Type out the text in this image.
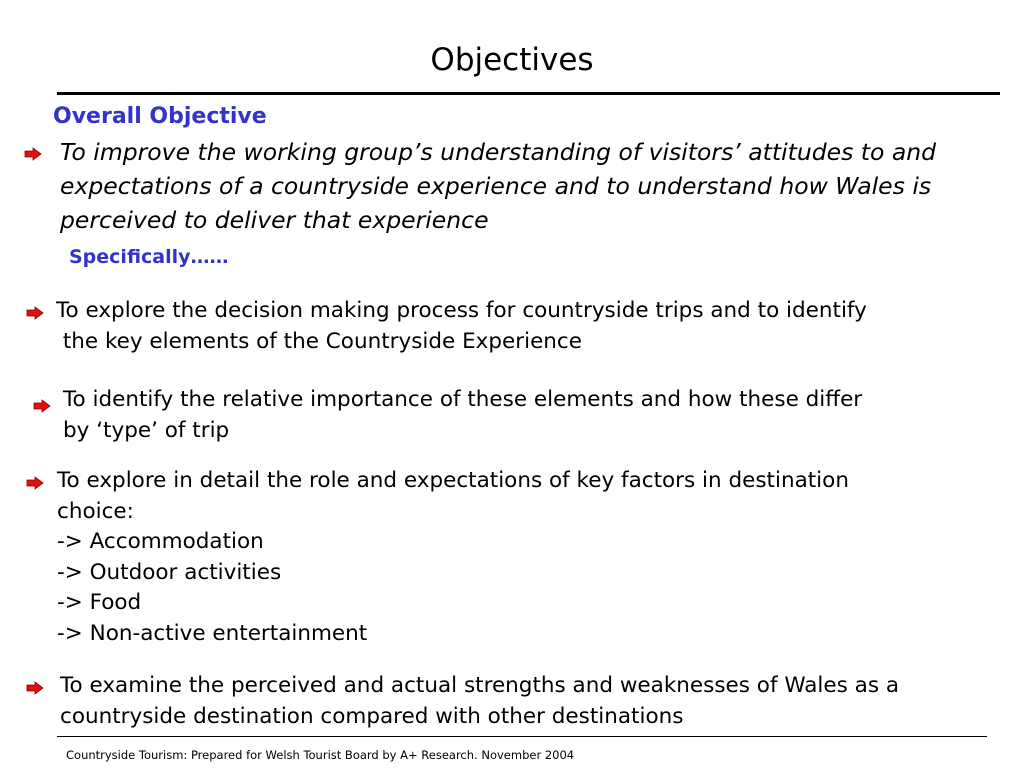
Objectives
Overall Objective
To improve the working group’s understanding of visitors’ attitudes to and
expectations of a countryside experience and to understand how Wales is
perceived to deliver that experience
Specifically……
To explore the decision making process for countryside trips and to identify
the key elements of the Countryside Experience
To identify the relative importance of these elements and how these differ
by ‘type’ of trip
To explore in detail the role and expectations of key factors in destination
choice:
-> Accommodation
-> Outdoor activities
-> Food
-> Non-active entertainment
To examine the perceived and actual strengths and weaknesses of Wales as a
countryside destination compared with other destinations
Countryside Tourism: Prepared for Welsh Tourist Board by A+ Research. November 2004
